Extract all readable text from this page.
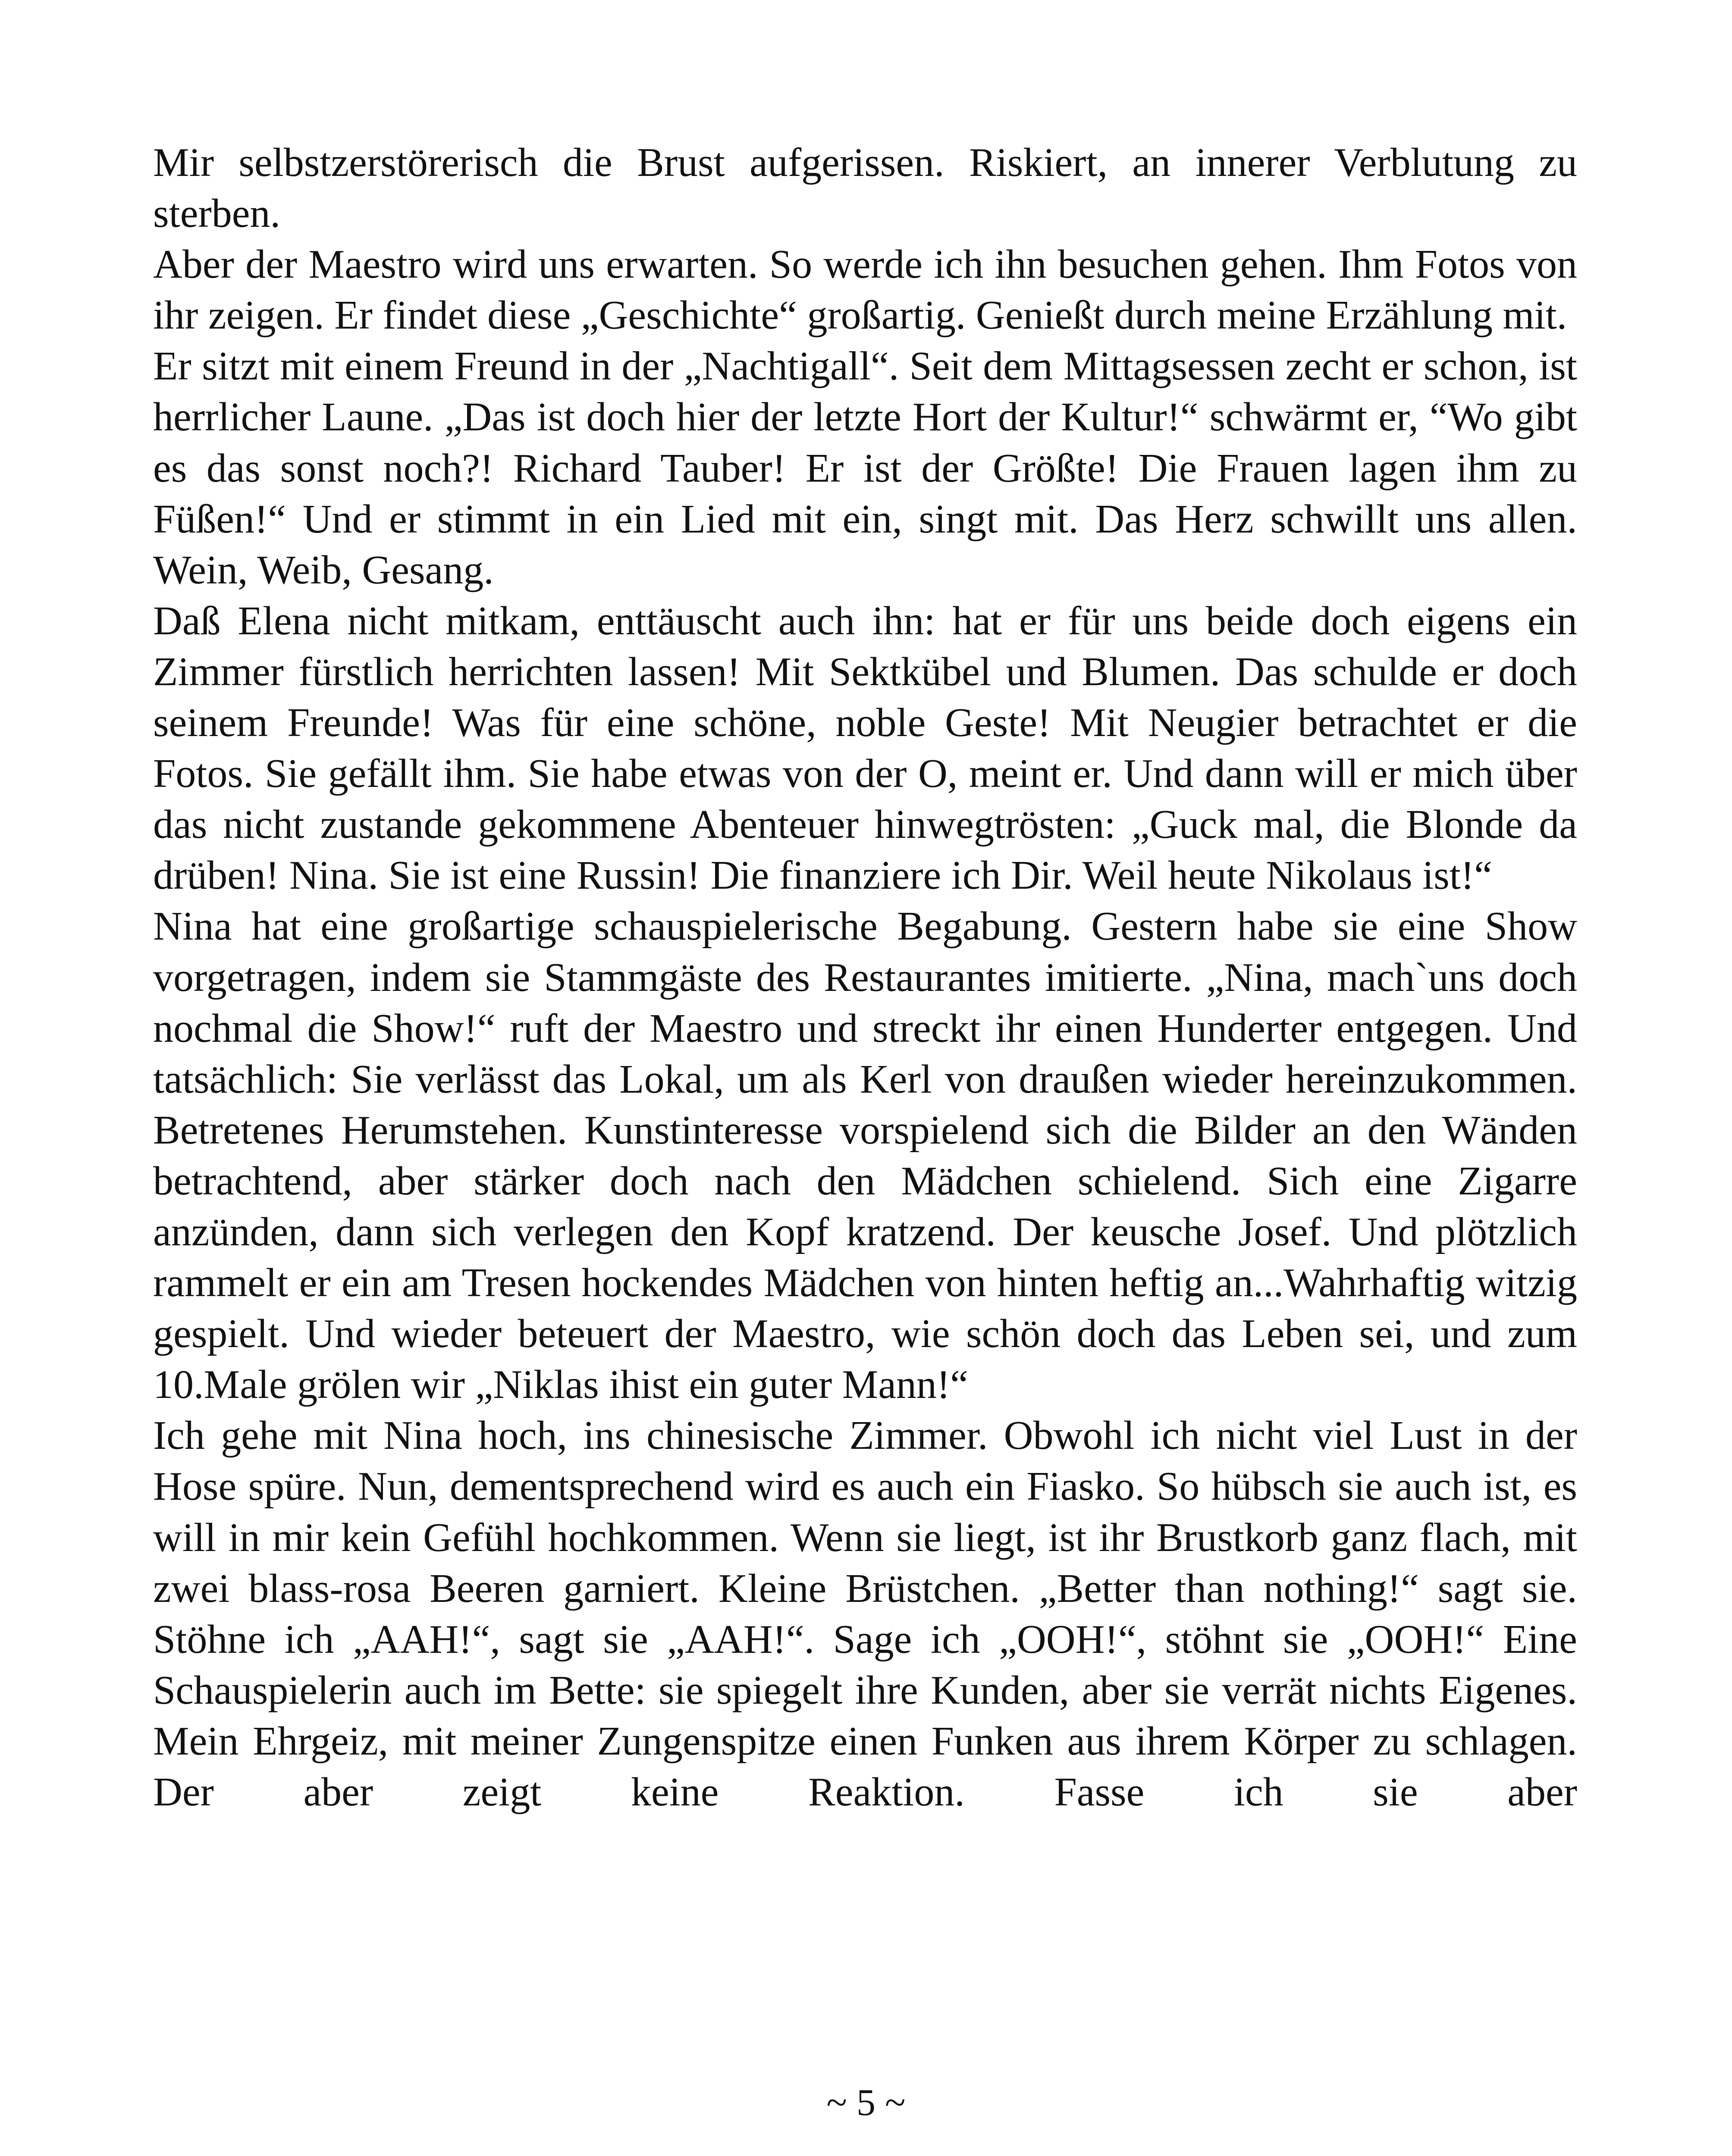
Mir selbstzerstörerisch die Brust aufgerissen. Riskiert, an innerer Verblutung zu sterben.

Aber der Maestro wird uns erwarten. So werde ich ihn besuchen gehen. Ihm Fotos von ihr zeigen. Er findet diese „Geschichte“ großartig. Genießt durch meine Erzählung mit.

Er sitzt mit einem Freund in der „Nachtigall“. Seit dem Mittagsessen zecht er schon, ist herrlicher Laune. „Das ist doch hier der letzte Hort der Kultur!“ schwärmt er, “Wo gibt es das sonst noch?! Richard Tauber! Er ist der Größte! Die Frauen lagen ihm zu Füßen!“ Und er stimmt in ein Lied mit ein, singt mit. Das Herz schwillt uns allen. Wein, Weib, Gesang.

Daß Elena nicht mitkam, enttäuscht auch ihn: hat er für uns beide doch eigens ein Zimmer fürstlich herrichten lassen! Mit Sektkübel und Blumen. Das schulde er doch seinem Freunde! Was für eine schöne, noble Geste! Mit Neugier betrachtet er die Fotos. Sie gefällt ihm. Sie habe etwas von der O, meint er. Und dann will er mich über das nicht zustande gekommene Abenteuer hinwegtrösten: „Guck mal, die Blonde da drüben! Nina. Sie ist eine Russin! Die finanziere ich Dir. Weil heute Nikolaus ist!“

Nina hat eine großartige schauspielerische Begabung. Gestern habe sie eine Show vorgetragen, indem sie Stammgäste des Restaurantes imitierte. „Nina, mach`uns doch nochmal die Show!“ ruft der Maestro und streckt ihr einen Hunderter entgegen. Und tatsächlich: Sie verlässt das Lokal, um als Kerl von draußen wieder hereinzukommen. Betretenes Herumstehen. Kunstinteresse vorspielend sich die Bilder an den Wänden betrachtend, aber stärker doch nach den Mädchen schielend. Sich eine Zigarre anzünden, dann sich verlegen den Kopf kratzend. Der keusche Josef. Und plötzlich rammelt er ein am Tresen hockendes Mädchen von hinten heftig an...Wahrhaftig witzig gespielt. Und wieder beteuert der Maestro, wie schön doch das Leben sei, und zum 10.Male grölen wir „Niklas ihist ein guter Mann!“

Ich gehe mit Nina hoch, ins chinesische Zimmer. Obwohl ich nicht viel Lust in der Hose spüre. Nun, dementsprechend wird es auch ein Fiasko. So hübsch sie auch ist, es will in mir kein Gefühl hochkommen. Wenn sie liegt, ist ihr Brustkorb ganz flach, mit zwei blass-rosa Beeren garniert. Kleine Brüstchen. „Better than nothing!“ sagt sie. Stöhne ich „AAH!“, sagt sie „AAH!“. Sage ich „OOH!“, stöhnt sie „OOH!“ Eine Schauspielerin auch im Bette: sie spiegelt ihre Kunden, aber sie verrät nichts Eigenes. Mein Ehrgeiz, mit meiner Zungenspitze einen Funken aus ihrem Körper zu schlagen. Der aber zeigt keine Reaktion. Fasse ich sie aber

~ 5 ~
